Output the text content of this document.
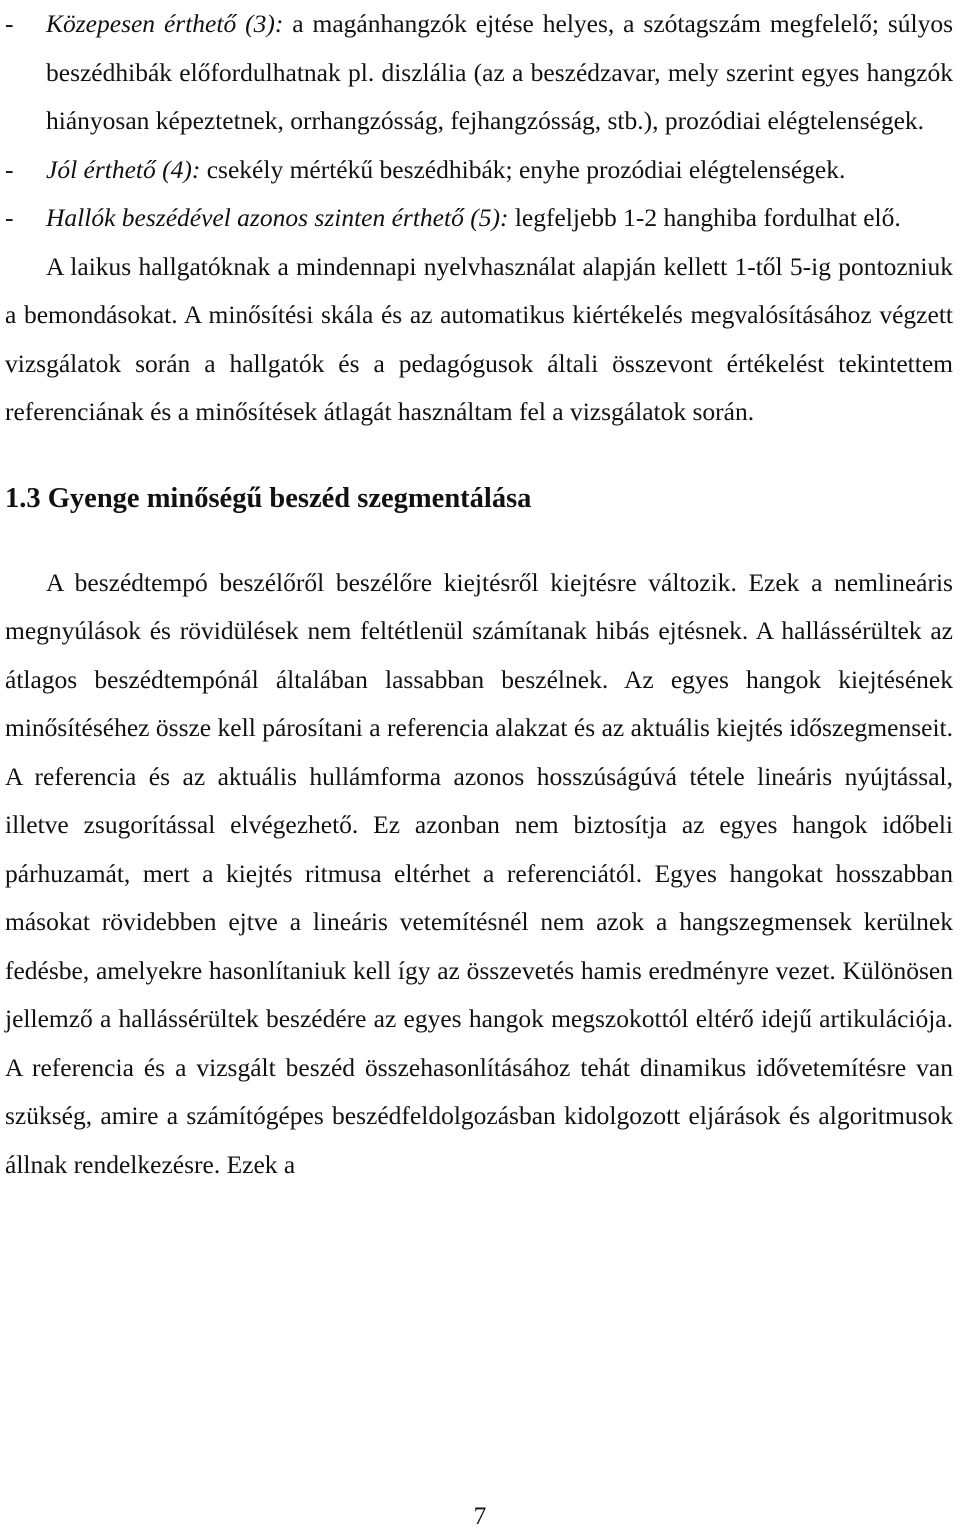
- Közepesen érthető (3): a magánhangzók ejtése helyes, a szótagszám megfelelő; súlyos beszédhibák előfordulhatnak pl. diszlália (az a beszédzavar, mely szerint egyes hangzók hiányosan képeztetnek, orrhangzósság, fejhangzósság, stb.), prozódiai elégtelenségek.
- Jól érthető (4): csekély mértékű beszédhibák; enyhe prozódiai elégtelenségek.
- Hallók beszédével azonos szinten érthető (5): legfeljebb 1-2 hanghiba fordulhat elő.

A laikus hallgatóknak a mindennapi nyelvhasználat alapján kellett 1-től 5-ig pontozniuk a bemondásokat. A minősítési skála és az automatikus kiértékelés megvalósításához végzett vizsgálatok során a hallgatók és a pedagógusok általi összevont értékelést tekintettem referenciának és a minősítések átlagát használtam fel a vizsgálatok során.

1.3 Gyenge minőségű beszéd szegmentálása

A beszédtempó beszélőről beszélőre kiejtésről kiejtésre változik. Ezek a nemlineáris megnyúlások és rövidülések nem feltétlenül számítanak hibás ejtésnek. A hallássérültek az átlagos beszédtempónál általában lassabban beszélnek. Az egyes hangok kiejtésének minősítéséhez össze kell párosítani a referencia alakzat és az aktuális kiejtés időszegmenseit. A referencia és az aktuális hullámforma azonos hosszúságúvá tétele lineáris nyújtással, illetve zsugorítással elvégezhető. Ez azonban nem biztosítja az egyes hangok időbeli párhuzamát, mert a kiejtés ritmusa eltérhet a referenciától. Egyes hangokat hosszabban másokat rövidebben ejtve a lineáris vetemítésnél nem azok a hangszegmensek kerülnek fedésbe, amelyekre hasonlítaniuk kell így az összevetés hamis eredményre vezet. Különösen jellemző a hallássérültek beszédére az egyes hangok megszokottól eltérő idejű artikulációja. A referencia és a vizsgált beszéd összehasonlításához tehát dinamikus idővetemítésre van szükség, amire a számítógépes beszédfeldolgozásban kidolgozott eljárások és algoritmusok állnak rendelkezésre. Ezek a

7
